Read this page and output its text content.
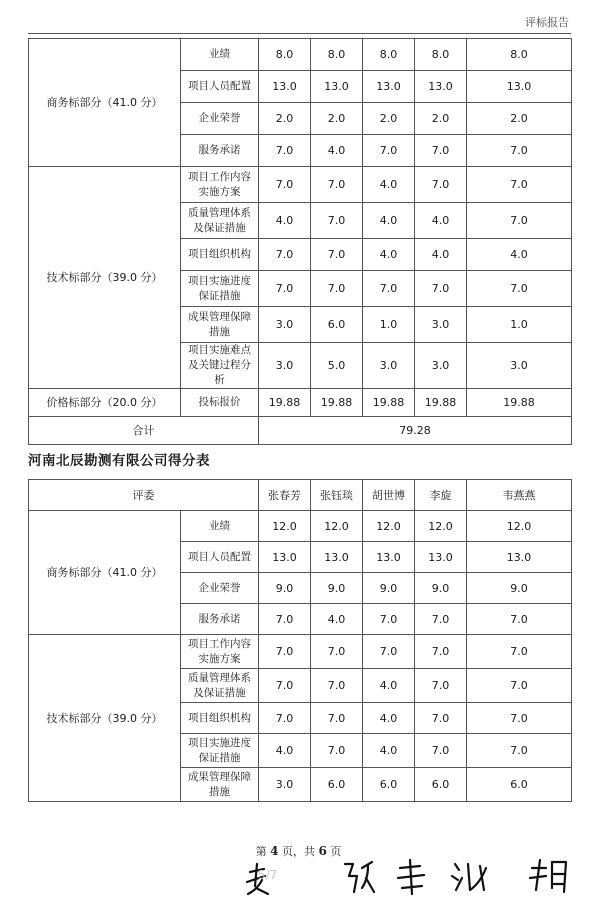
评标报告
商务标部分（41.0 分）	业绩	8.0	8.0	8.0	8.0	8.0
	项目人员配置	13.0	13.0	13.0	13.0	13.0
	企业荣誉	2.0	2.0	2.0	2.0	2.0
	服务承诺	7.0	4.0	7.0	7.0	7.0
技术标部分（39.0 分）	项目工作内容实施方案	7.0	7.0	4.0	7.0	7.0
	质量管理体系及保证措施	4.0	7.0	4.0	4.0	7.0
	项目组织机构	7.0	7.0	4.0	4.0	4.0
	项目实施进度保证措施	7.0	7.0	7.0	7.0	7.0
	成果管理保障措施	3.0	6.0	1.0	3.0	1.0
	项目实施难点及关键过程分析	3.0	5.0	3.0	3.0	3.0
价格标部分（20.0 分）	投标报价	19.88	19.88	19.88	19.88	19.88
合计		79.28				
河南北辰勘测有限公司得分表
评委		张春芳	张钰琰	胡世博	李旋	韦燕燕
商务标部分（41.0 分）	业绩	12.0	12.0	12.0	12.0	12.0
	项目人员配置	13.0	13.0	13.0	13.0	13.0
	企业荣誉	9.0	9.0	9.0	9.0	9.0
	服务承诺	7.0	4.0	7.0	7.0	7.0
技术标部分（39.0 分）	项目工作内容实施方案	7.0	7.0	7.0	7.0	7.0
	质量管理体系及保证措施	7.0	7.0	4.0	7.0	7.0
	项目组织机构	7.0	7.0	4.0	7.0	7.0
	项目实施进度保证措施	4.0	7.0	4.0	7.0	7.0
	成果管理保障措施	3.0	6.0	6.0	6.0	6.0
第 4 页，共 6 页
5/7
